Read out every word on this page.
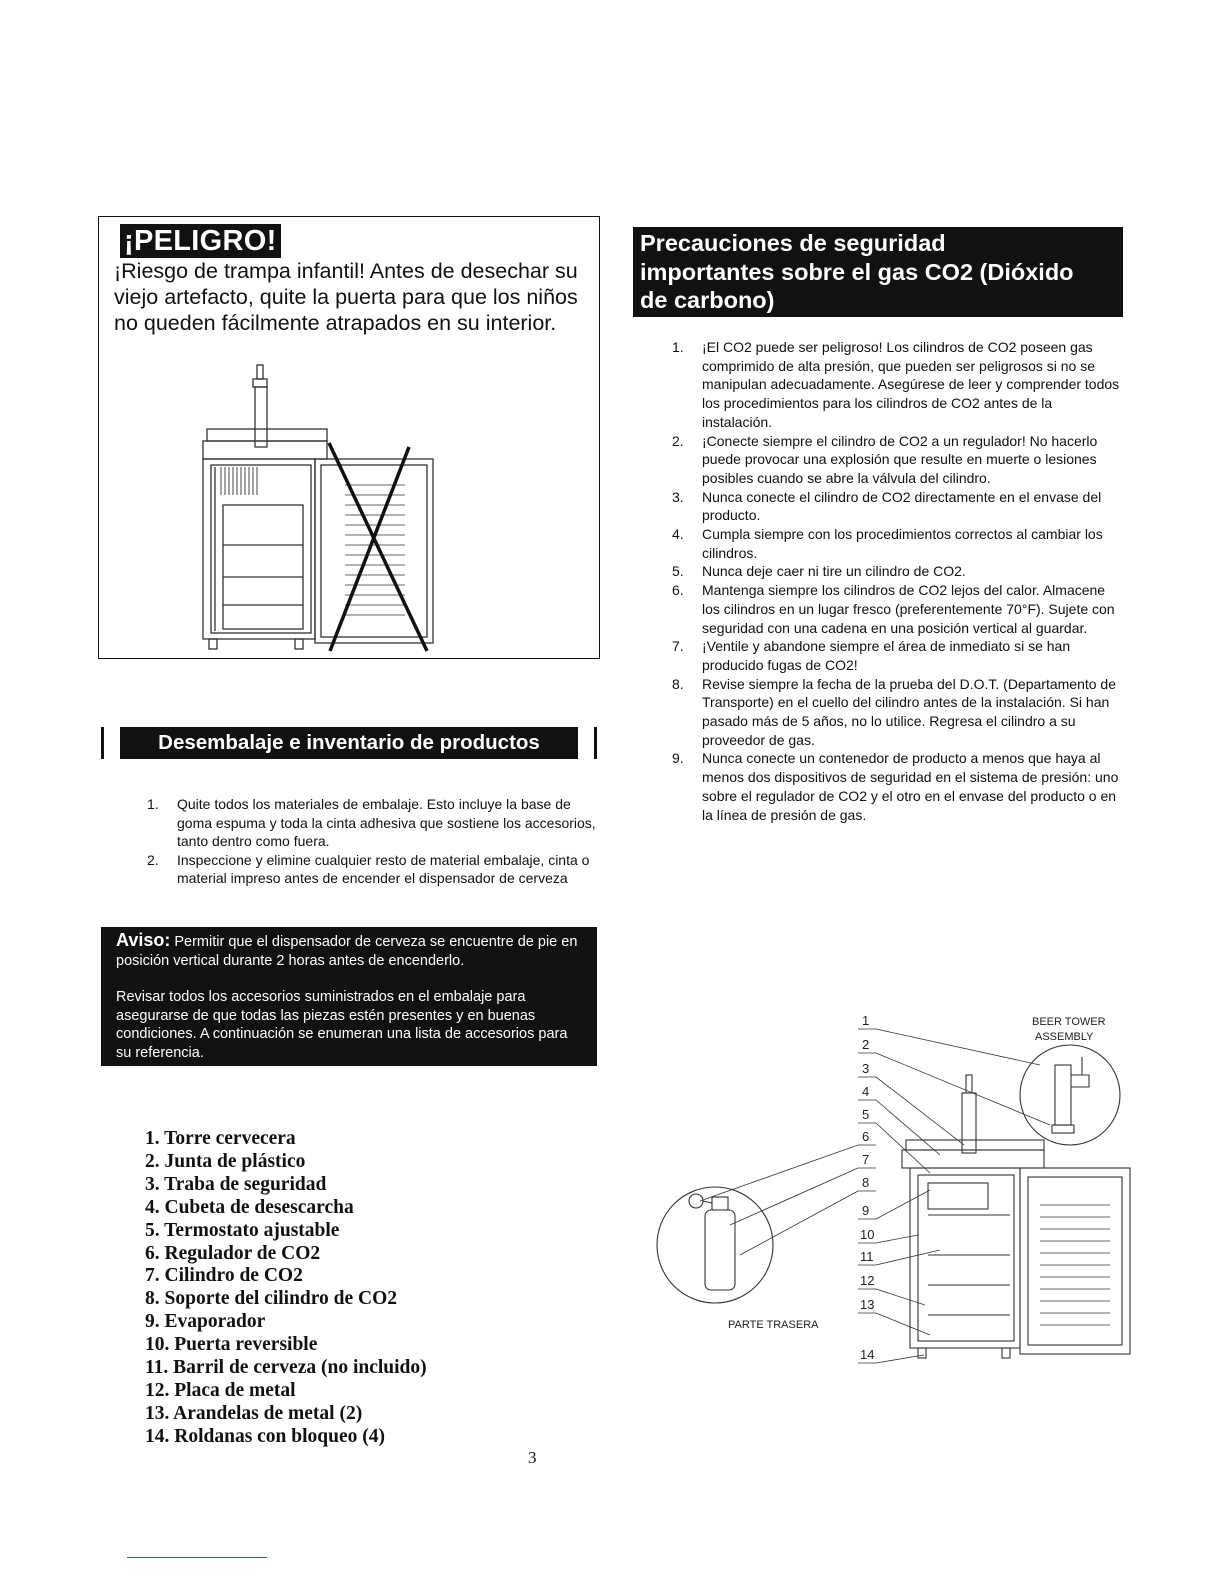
¡PELIGRO!
¡Riesgo de trampa infantil! Antes de desechar su viejo artefacto, quite la puerta para que los niños no queden fácilmente atrapados en su interior.
Desembalaje e inventario de productos
1. Quite todos los materiales de embalaje. Esto incluye la base de goma espuma y toda la cinta adhesiva que sostiene los accesorios, tanto dentro como fuera.
2. Inspeccione y elimine cualquier resto de material embalaje, cinta o material impreso antes de encender el dispensador de cerveza

Aviso: Permitir que el dispensador de cerveza se encuentre de pie en posición vertical durante 2 horas antes de encenderlo.

Revisar todos los accesorios suministrados en el embalaje para asegurarse de que todas las piezas estén presentes y en buenas condiciones. A continuación se enumeran una lista de accesorios para su referencia.

1. Torre cervecera
2. Junta de plástico
3. Traba de seguridad
4. Cubeta de desescarcha
5. Termostato ajustable
6. Regulador de CO2
7. Cilindro de CO2
8. Soporte del cilindro de CO2
9. Evaporador
10. Puerta reversible
11. Barril de cerveza (no incluido)
12. Placa de metal
13. Arandelas de metal (2)
14. Roldanas con bloqueo (4)
3
Precauciones de seguridad
importantes sobre el gas CO2 (Dióxido
de carbono)
1. ¡El CO2 puede ser peligroso! Los cilindros de CO2 poseen gas comprimido de alta presión, que pueden ser peligrosos si no se manipulan adecuadamente. Asegúrese de leer y comprender todos los procedimientos para los cilindros de CO2 antes de la instalación.
2. ¡Conecte siempre el cilindro de CO2 a un regulador! No hacerlo puede provocar una explosión que resulte en muerte o lesiones posibles cuando se abre la válvula del cilindro.
3. Nunca conecte el cilindro de CO2 directamente en el envase del producto.
4. Cumpla siempre con los procedimientos correctos al cambiar los cilindros.
5. Nunca deje caer ni tire un cilindro de CO2.
6. Mantenga siempre los cilindros de CO2 lejos del calor. Almacene los cilindros en un lugar fresco (preferentemente 70°F). Sujete con seguridad con una cadena en una posición vertical al guardar.
7. ¡Ventile y abandone siempre el área de inmediato si se han producido fugas de CO2!
8. Revise siempre la fecha de la prueba del D.O.T. (Departamento de Transporte) en el cuello del cilindro antes de la instalación. Si han pasado más de 5 años, no lo utilice. Regresa el cilindro a su proveedor de gas.
9. Nunca conecte un contenedor de producto a menos que haya al menos dos dispositivos de seguridad en el sistema de presión: uno sobre el regulador de CO2 y el otro en el envase del producto o en la línea de presión de gas.
1
2
3
4
5
6
7
8
9
10
11
12
13
14
BEER TOWER
ASSEMBLY
PARTE TRASERA
